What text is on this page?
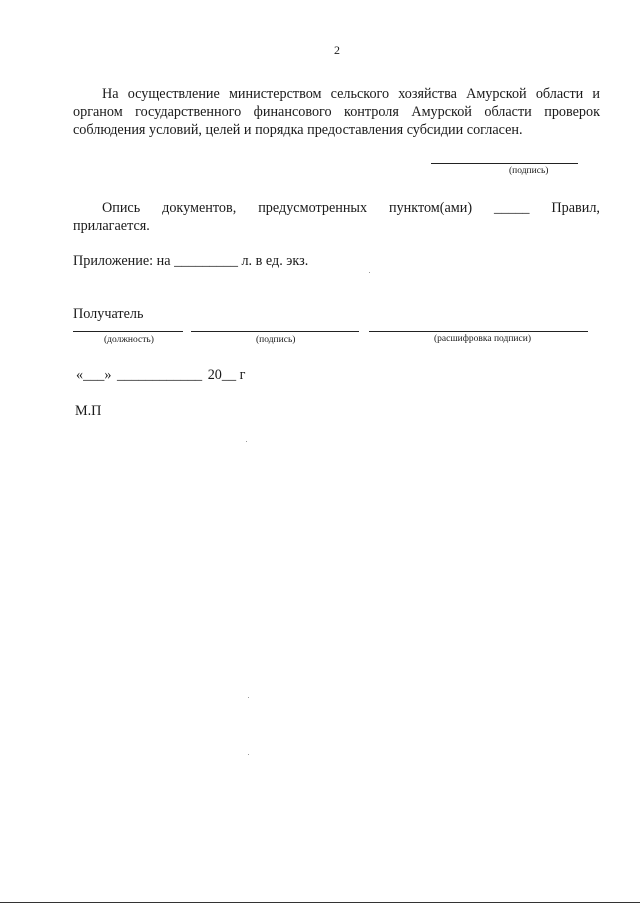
2
На осуществление министерством сельского хозяйства Амурской области и
органом государственного финансового контроля Амурской области проверок
соблюдения условий, целей и порядка предоставления субсидии согласен.
(подпись)
Опись документов, предусмотренных пунктом(ами) _____ Правил,
прилагается.
Приложение: на _________ л. в ед. экз.
Получатель
(должность)	(подпись)	(расшифровка подписи)
«___» ____________ 20__ г
М.П
